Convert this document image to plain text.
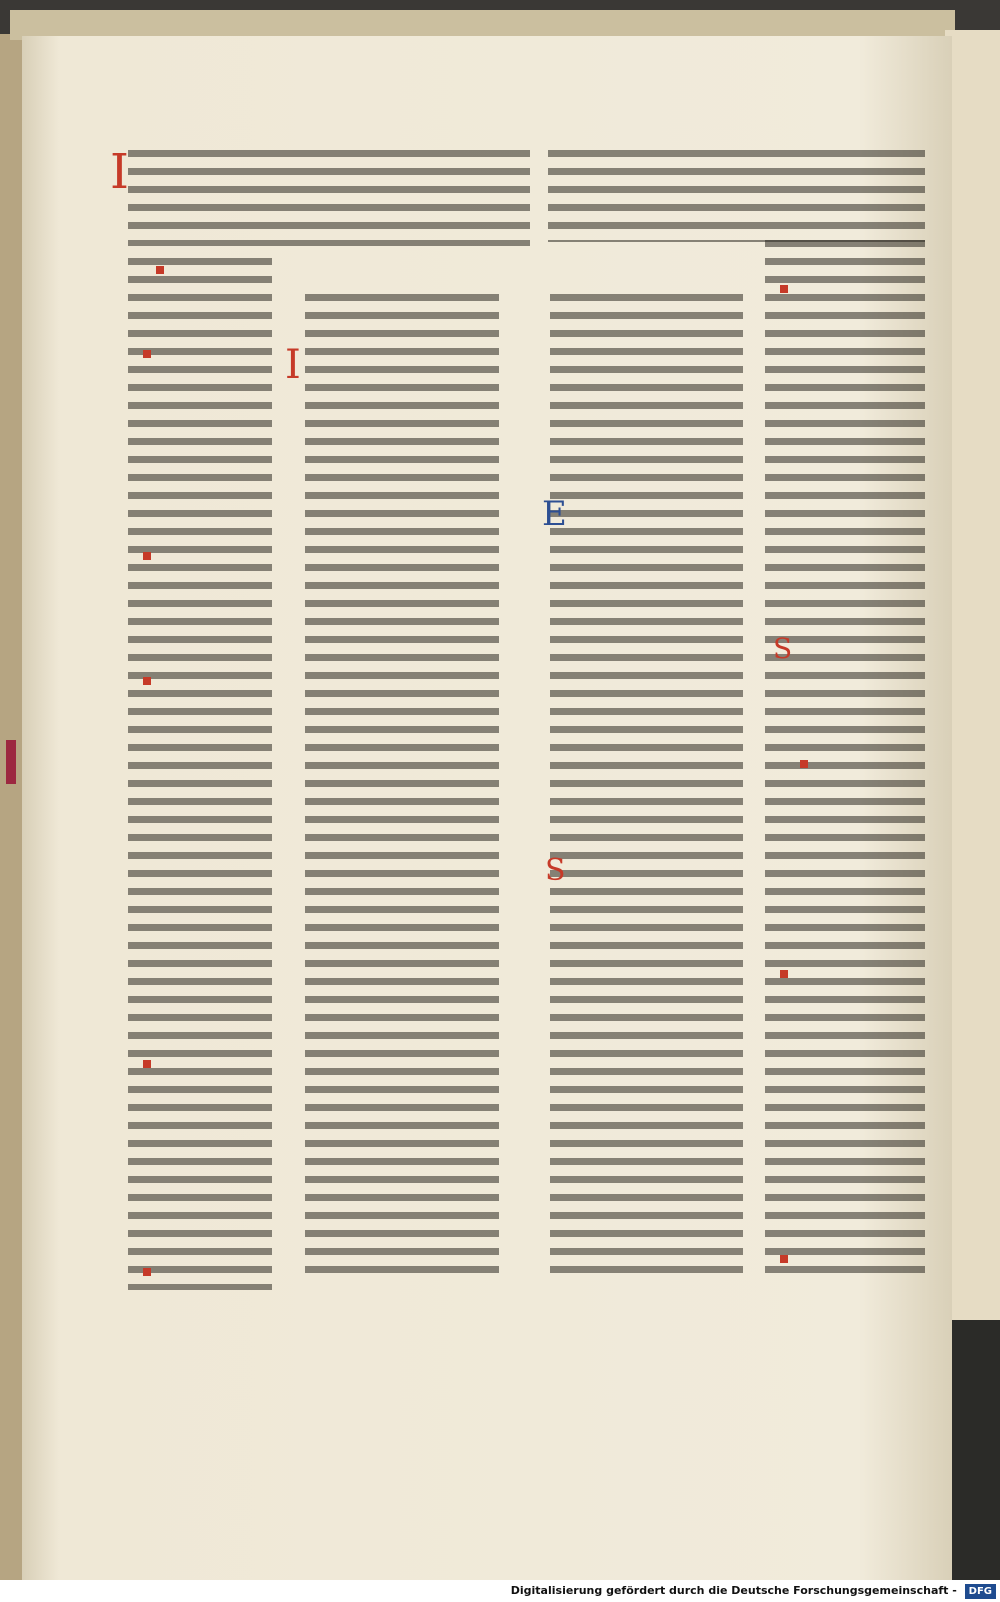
I
I
E
S
S
Digitalisierung gefördert durch die Deutsche Forschungsgemeinschaft - DFG
